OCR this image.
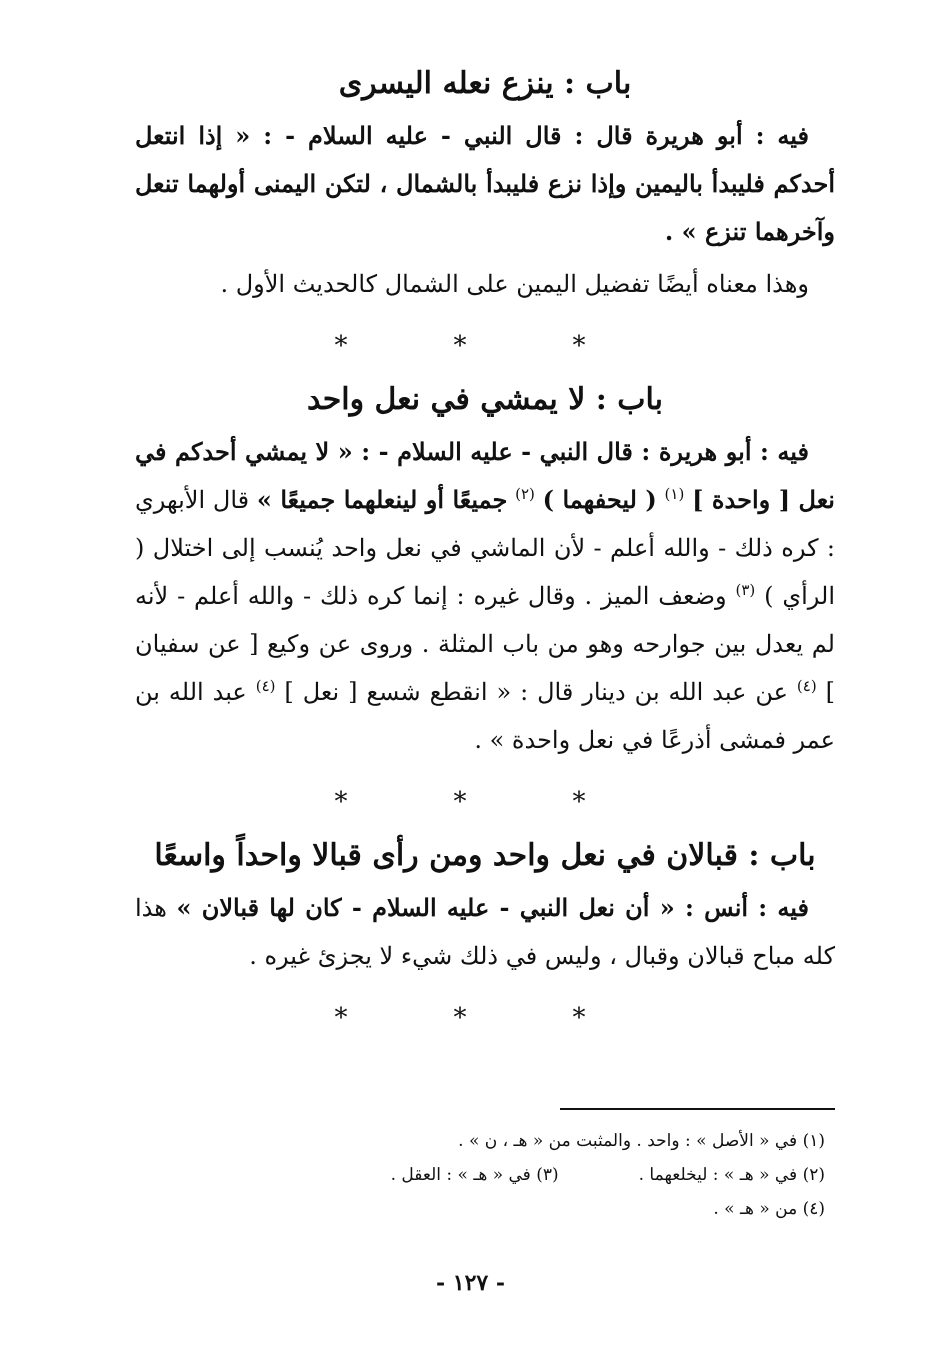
باب : ينزع نعله اليسرى

فيه : أبو هريرة قال : قال النبي - عليه السلام - : « إذا انتعل أحدكم فليبدأ باليمين وإذا نزع فليبدأ بالشمال ، لتكن اليمنى أولهما تنعل وآخرهما تنزع » .

وهذا معناه أيضًا تفضيل اليمين على الشمال كالحديث الأول .

***
باب : لا يمشي في نعل واحد

فيه : أبو هريرة : قال النبي - عليه السلام - : « لا يمشي أحدكم في نعل [ واحدة ] $^{(١)}$ ( ليحفهما ) $^{(٢)}$ جميعًا أو لينعلهما جميعًا » قال الأبهري : كره ذلك - والله أعلم - لأن الماشي في نعل واحد يُنسب إلى اختلال ( الرأي ) $^{(٣)}$ وضعف الميز . وقال غيره : إنما كره ذلك - والله أعلم - لأنه لم يعدل بين جوارحه وهو من باب المثلة . وروى عن وكيع [ عن سفيان ] $^{(٤)}$ عن عبد الله بن دينار قال : « انقطع شسع [ نعل ] $^{(٤)}$ عبد الله بن عمر فمشى أذرعًا في نعل واحدة » .

***
باب : قبالان في نعل واحد ومن رأى قبالا واحداً واسعًا

فيه : أنس : « أن نعل النبي - عليه السلام - كان لها قبالان » هذا كله مباح قبالان وقبال ، وليس في ذلك شيء لا يجزئ غيره .

***

(١) في « الأصل » : واحد . والمثبت من « هـ ، ن » .

(٢) في « هـ » : ليخلعهما .
(٣) في « هـ » : العقل .

(٤) من « هـ » .

- ١٢٧ -
